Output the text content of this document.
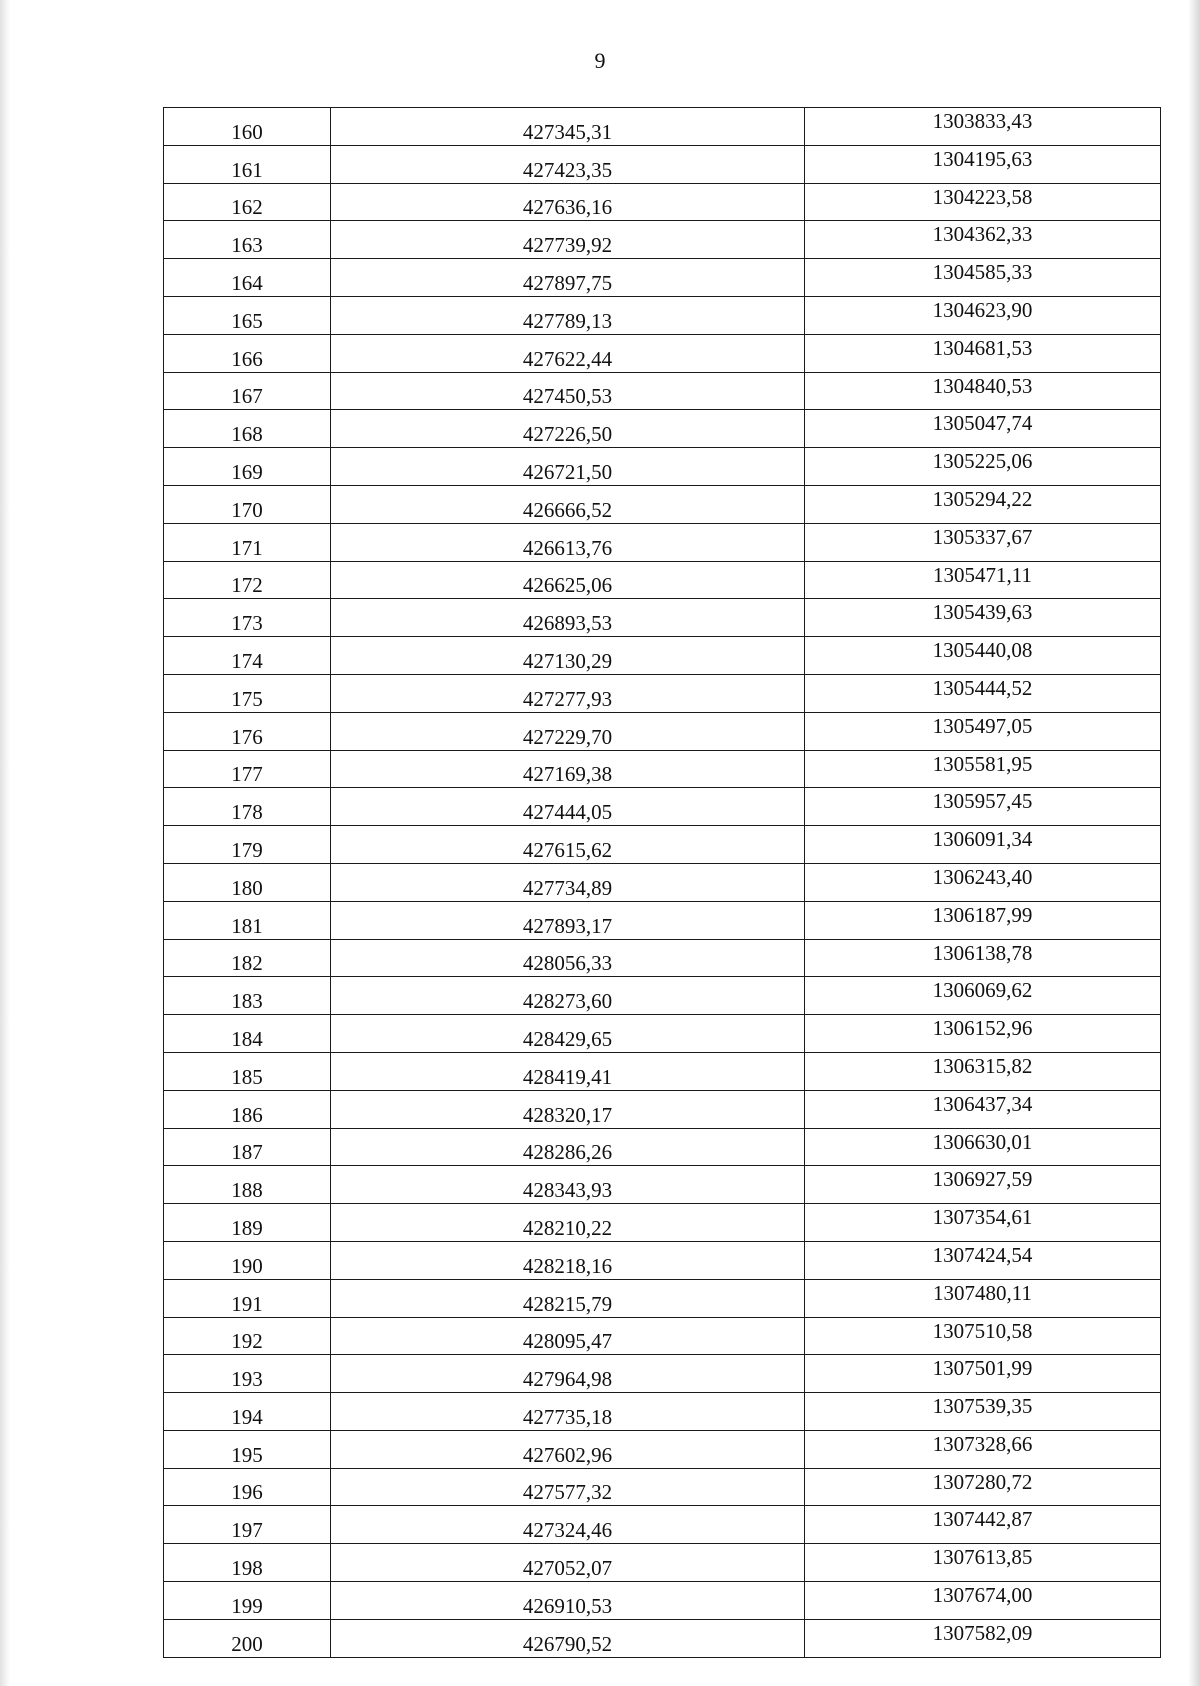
9
160	427345,31	1303833,43
161	427423,35	1304195,63
162	427636,16	1304223,58
163	427739,92	1304362,33
164	427897,75	1304585,33
165	427789,13	1304623,90
166	427622,44	1304681,53
167	427450,53	1304840,53
168	427226,50	1305047,74
169	426721,50	1305225,06
170	426666,52	1305294,22
171	426613,76	1305337,67
172	426625,06	1305471,11
173	426893,53	1305439,63
174	427130,29	1305440,08
175	427277,93	1305444,52
176	427229,70	1305497,05
177	427169,38	1305581,95
178	427444,05	1305957,45
179	427615,62	1306091,34
180	427734,89	1306243,40
181	427893,17	1306187,99
182	428056,33	1306138,78
183	428273,60	1306069,62
184	428429,65	1306152,96
185	428419,41	1306315,82
186	428320,17	1306437,34
187	428286,26	1306630,01
188	428343,93	1306927,59
189	428210,22	1307354,61
190	428218,16	1307424,54
191	428215,79	1307480,11
192	428095,47	1307510,58
193	427964,98	1307501,99
194	427735,18	1307539,35
195	427602,96	1307328,66
196	427577,32	1307280,72
197	427324,46	1307442,87
198	427052,07	1307613,85
199	426910,53	1307674,00
200	426790,52	1307582,09
